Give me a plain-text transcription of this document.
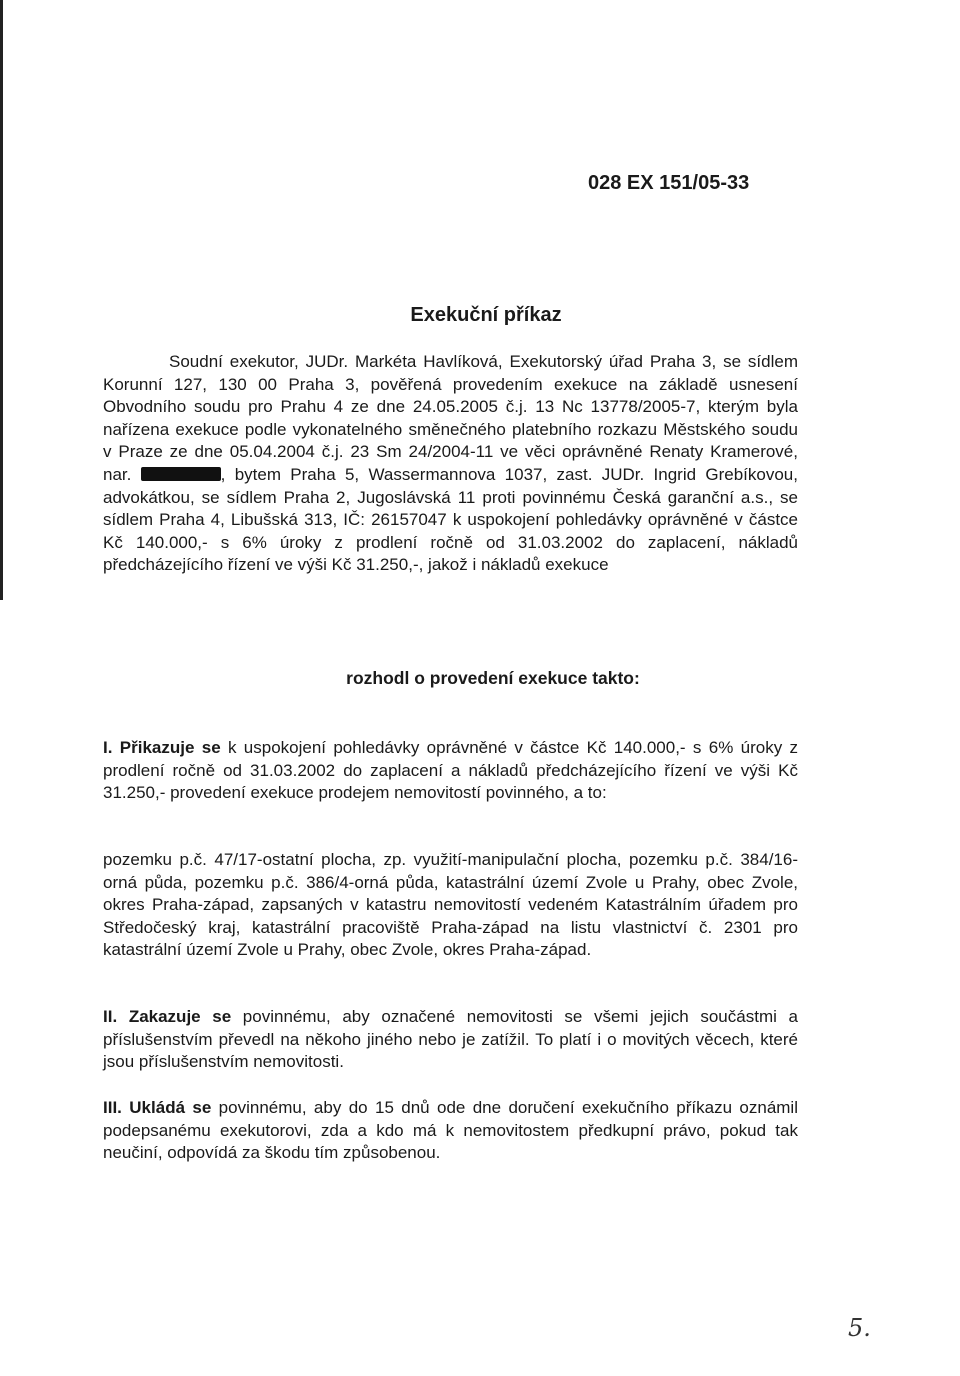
028 EX 151/05-33
Exekuční příkaz

Soudní exekutor, JUDr. Markéta Havlíková, Exekutorský úřad Praha 3, se sídlem Korunní 127, 130 00 Praha 3, pověřená provedením exekuce na základě usnesení Obvodního soudu pro Prahu 4 ze dne 24.05.2005 č.j. 13 Nc 13778/2005-7, kterým byla nařízena exekuce podle vykonatelného směnečného platebního rozkazu Městského soudu v Praze ze dne 05.04.2004 č.j. 23 Sm 24/2004-11 ve věci oprávněné Renaty Kramerové, nar.	, bytem Praha 5, Wassermannova 1037, zast. JUDr. Ingrid Grebíkovou, advokátkou, se sídlem Praha 2, Jugoslávská 11 proti povinnému Česká garanční a.s., se sídlem Praha 4, Libušská 313, IČ: 26157047 k uspokojení pohledávky oprávněné v částce Kč 140.000,- s 6% úroky z prodlení ročně od 31.03.2002 do zaplacení, nákladů předcházejícího řízení ve výši Kč 31.250,-, jakož i nákladů exekuce

rozhodl o provedení exekuce takto:

I. Přikazuje se k uspokojení pohledávky oprávněné v částce Kč 140.000,- s 6% úroky z prodlení ročně od 31.03.2002 do zaplacení a nákladů předcházejícího řízení ve výši Kč 31.250,- provedení exekuce prodejem nemovitostí povinného, a to:

pozemku p.č. 47/17-ostatní plocha, zp. využití-manipulační plocha, pozemku p.č. 384/16-orná půda, pozemku p.č. 386/4-orná půda, katastrální území Zvole u Prahy, obec Zvole, okres Praha-západ, zapsaných v katastru nemovitostí vedeném Katastrálním úřadem pro Středočeský kraj, katastrální pracoviště Praha-západ na listu vlastnictví č. 2301 pro katastrální území Zvole u Prahy, obec Zvole, okres Praha-západ.

II. Zakazuje se povinnému, aby označené nemovitosti se všemi jejich součástmi a příslušenstvím převedl na někoho jiného nebo je zatížil. To platí i o movitých věcech, které jsou příslušenstvím nemovitosti.

III. Ukládá se povinnému, aby do 15 dnů ode dne doručení exekučního příkazu oznámil podepsanému exekutorovi, zda a kdo má k nemovitostem předkupní právo, pokud tak neučiní, odpovídá za škodu tím způsobenou.

5.
